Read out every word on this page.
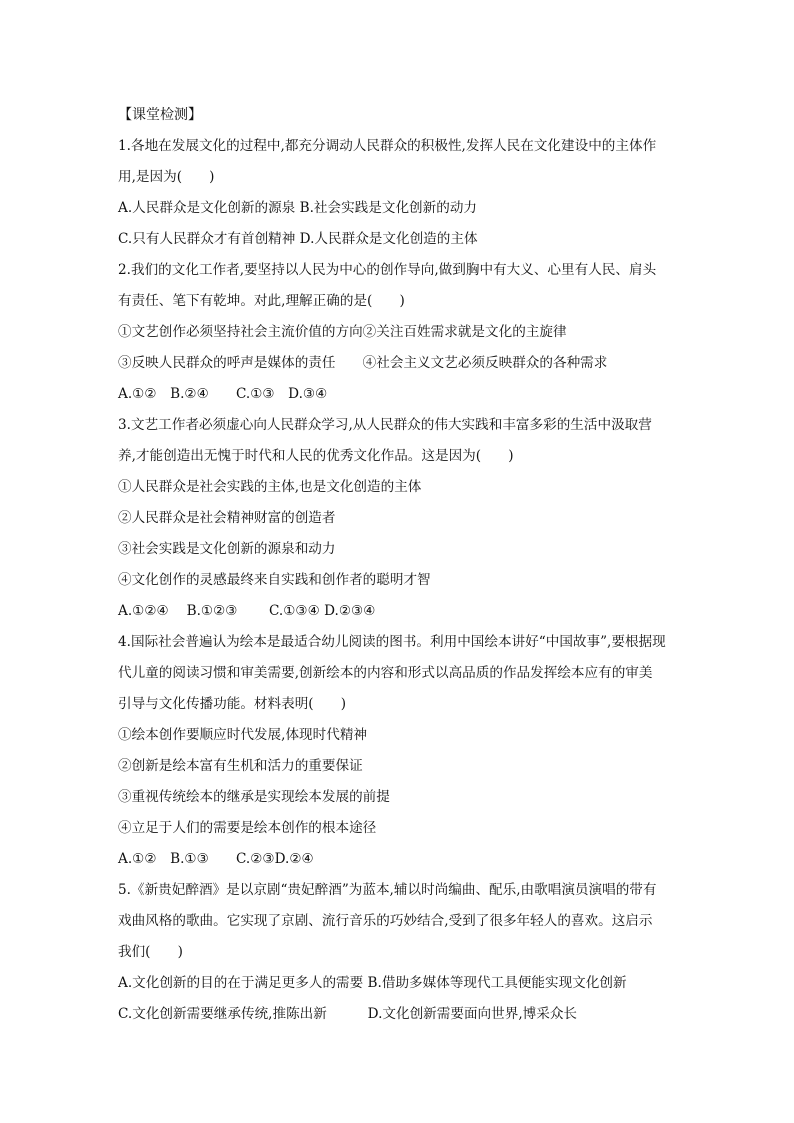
【课堂检测】
1.各地在发展文化的过程中,都充分调动人民群众的积极性,发挥人民在文化建设中的主体作
用,是因为(　　)
A.人民群众是文化创新的源泉 B.社会实践是文化创新的动力
C.只有人民群众才有首创精神 D.人民群众是文化创造的主体
2.我们的文化工作者,要坚持以人民为中心的创作导向,做到胸中有大义、心里有人民、肩头
有责任、笔下有乾坤。对此,理解正确的是(　　)
①文艺创作必须坚持社会主流价值的方向②关注百姓需求就是文化的主旋律
③反映人民群众的呼声是媒体的责任　　④社会主义文艺必须反映群众的各种需求
A.①②　B.②④　　C.①③　D.③④
3.文艺工作者必须虚心向人民群众学习,从人民群众的伟大实践和丰富多彩的生活中汲取营
养,才能创造出无愧于时代和人民的优秀文化作品。这是因为(　　)
①人民群众是社会实践的主体,也是文化创造的主体
②人民群众是社会精神财富的创造者
③社会实践是文化创新的源泉和动力
④文化创作的灵感最终来自实践和创作者的聪明才智
A.①②④　 B.①②③　　 C.①③④ D.②③④
4.国际社会普遍认为绘本是最适合幼儿阅读的图书。利用中国绘本讲好“中国故事”,要根据现
代儿童的阅读习惯和审美需要,创新绘本的内容和形式以高品质的作品发挥绘本应有的审美
引导与文化传播功能。材料表明(　　)
①绘本创作要顺应时代发展,体现时代精神
②创新是绘本富有生机和活力的重要保证
③重视传统绘本的继承是实现绘本发展的前提
④立足于人们的需要是绘本创作的根本途径
A.①②　B.①③　　C.②③D.②④
5.《新贵妃醉酒》是以京剧“贵妃醉酒”为蓝本,辅以时尚编曲、配乐,由歌唱演员演唱的带有
戏曲风格的歌曲。它实现了京剧、流行音乐的巧妙结合,受到了很多年轻人的喜欢。这启示
我们(　　)
A.文化创新的目的在于满足更多人的需要 B.借助多媒体等现代工具便能实现文化创新
C.文化创新需要继承传统,推陈出新　　　D.文化创新需要面向世界,博采众长
